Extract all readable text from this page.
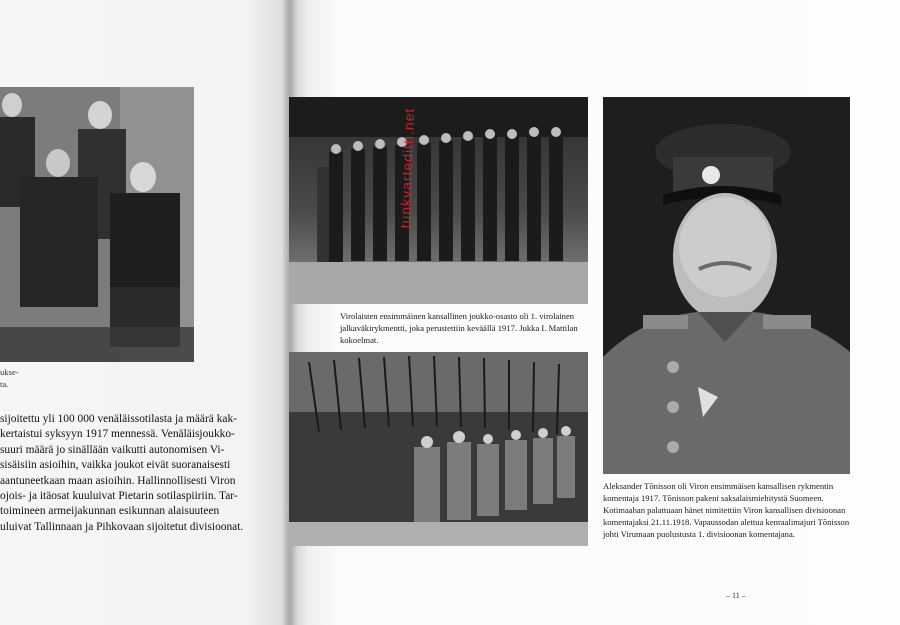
ukse-
ta.

sijoitettu yli 100 000 venäläissotilasta ja määrä kak-

kertaistui syksyyn 1917 mennessä. Venäläisjoukko-

suuri määrä jo sinällään vaikutti autonomisen Vi-

sisäisiin asioihin, vaikka joukot eivät suoranaisesti

aantuneetkaan maan asioihin. Hallinnollisesti Viron

ojois- ja itäosat kuuluivat Pietarin sotilaspiiriin. Tar-

toimineen armeijakunnan esikunnan alaisuuteen

uluivat Tallinnaan ja Pihkovaan sijoitetut divisioonat.

Virolaisten ensimmäinen kansallinen joukko-osasto oli 1. virolainen jalkaväkirykmentti, joka perustettiin keväällä 1917. Jukka I. Mattilan kokoelmat.
Aleksander Tõnisson oli Viron ensimmäisen kansallisen rykmentin komentaja 1917. Tõnisson pakeni saksalaismiehitystä Suomeen. Kotimaahan palattuaan hänet nimitettiin Viron kansallisen divisioonan komentajaksi 21.11.1918. Vapaussodan alettua kenraalimajuri Tõnisson johti Virumaan puolustusta 1. divisioonan komentajana.
– 11 –
tunkvarteditti.net
